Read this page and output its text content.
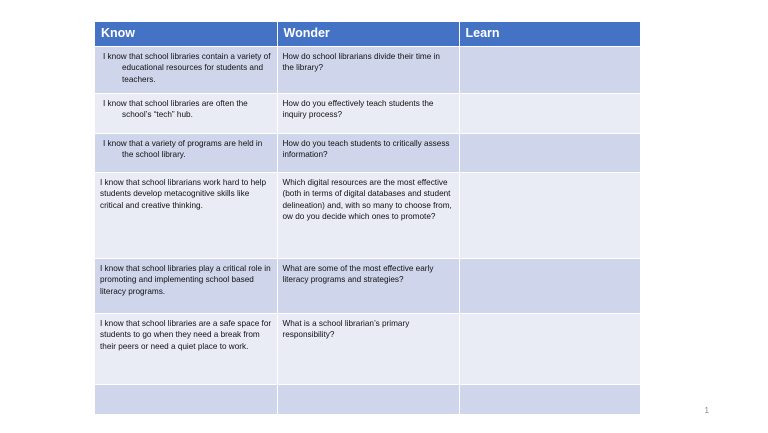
Know	Wonder	Learn

I know that school libraries contain a variety of educational resources for students and teachers.	How do school librarians divide their time in the library?	

I know that school libraries are often the school’s “tech” hub.	How do you effectively teach students the inquiry process?	

I know that a variety of programs are held in the school library.	How do you teach students to critically assess information?	
I know that school librarians work hard to help students develop metacognitive skills like critical and creative thinking.	Which digital resources are the most effective (both in terms of digital databases and student delineation) and, with so many to choose from, ow do you decide which ones to promote?	
I know that school libraries play a critical role in promoting and implementing school based literacy programs.	What are some of the most effective early literacy programs and strategies?	
I know that school libraries are a safe space for students to go when they need a break from their peers or need a quiet place to work.	What is a school librarian’s primary responsibility?	

1
